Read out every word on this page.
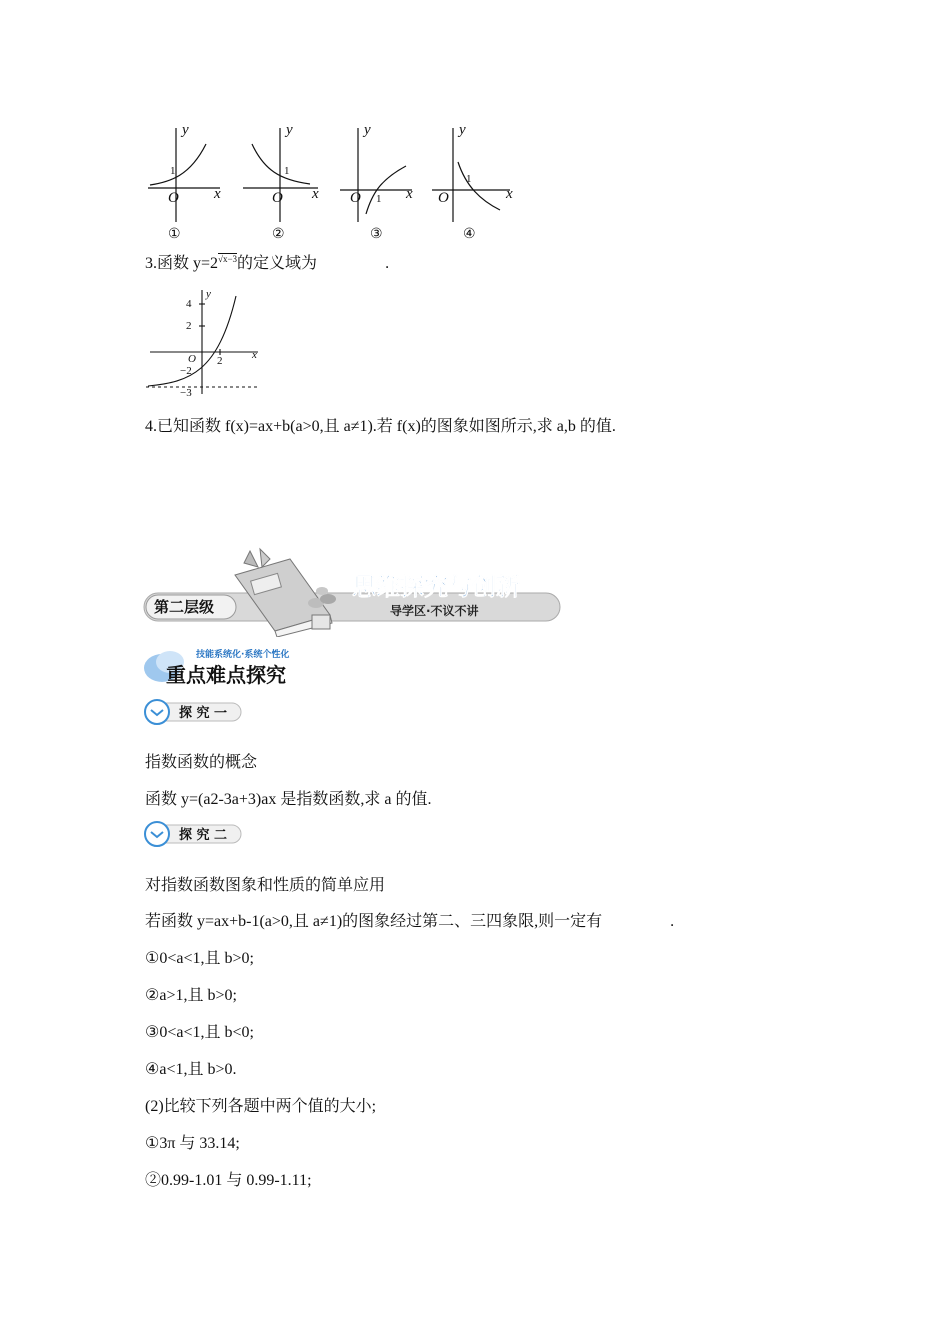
y
x
O
y
x
O
y
x
O
y
x
O
1	1
1
1
①	②	③	④
3.函数 $y=2^{√x-3}$的定义域为	.
y
x
O
4
2
−2
−3
2
4.已知函数 f(x)=ax+b(a>0,且 a≠1).若 f(x)的图象如图所示,求 a,b 的值.
第二层级
思维探究与创新
导学区·不议不讲
技能系统化·系统个性化
重点难点探究
探 究 一
指数函数的概念
函数 y=(a2-3a+3)ax 是指数函数,求 a 的值.
探 究 二
对指数函数图象和性质的简单应用
若函数 y=ax+b-1(a>0,且 a≠1)的图象经过第二、三四象限,则一定有	.
①0<a<1,且 b>0;
②a>1,且 b>0;
③0<a<1,且 b<0;
④a<1,且 b>0.
(2)比较下列各题中两个值的大小;
①3π 与 33.14;
②0.99-1.01 与 0.99-1.11;
